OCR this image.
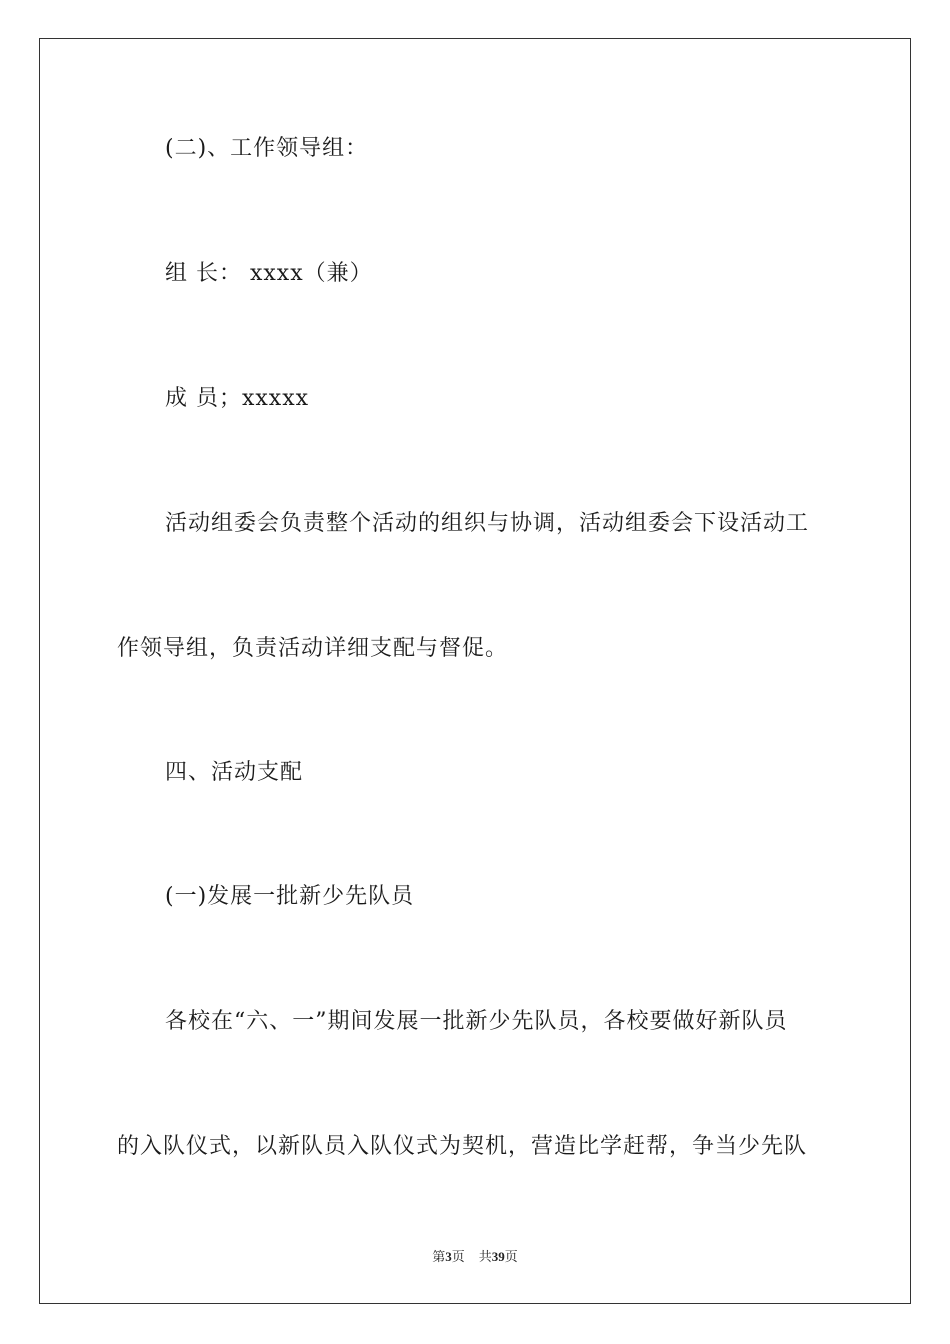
(二)、工作领导组：
组 长： xxxx（兼）
成 员；xxxxx
活动组委会负责整个活动的组织与协调，活动组委会下设活动工
作领导组，负责活动详细支配与督促。
四、活动支配
(一)发展一批新少先队员
各校在“六、一”期间发展一批新少先队员，各校要做好新队员
的入队仪式，以新队员入队仪式为契机，营造比学赶帮，争当少先队
第3页 共39页
